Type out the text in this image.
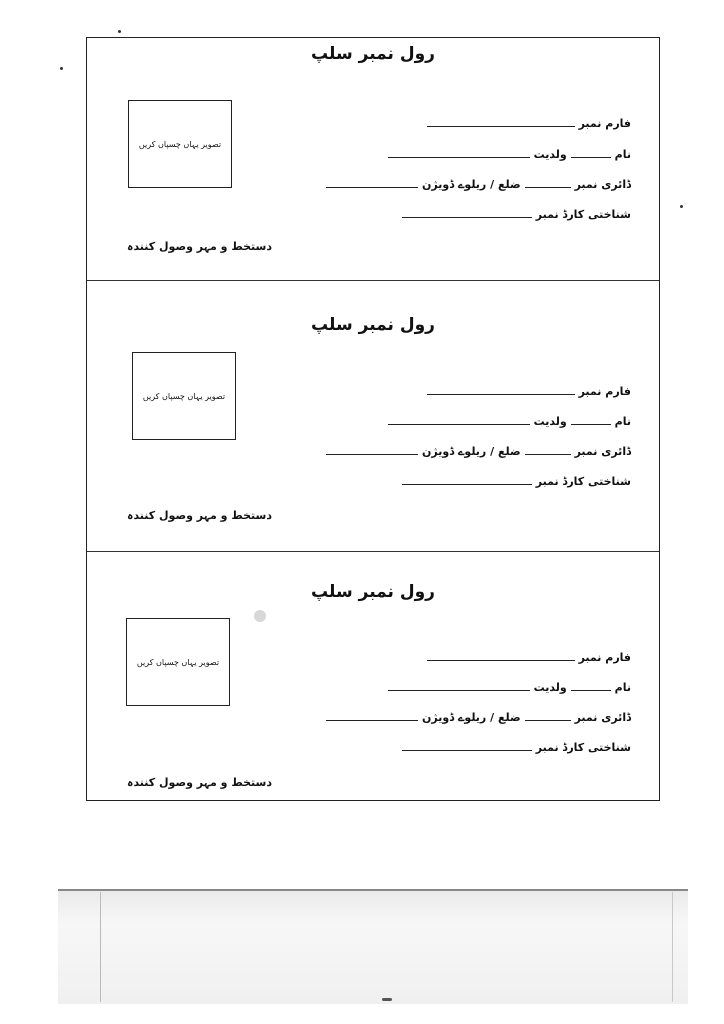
رول نمبر سلپ
تصویر یہاں چسپاں کریں
فارم نمبر
نام
ولدیت
ڈائری نمبر
ضلع / ریلوے ڈویژن
شناختی کارڈ نمبر
دستخط و مہر وصول کنندہ
رول نمبر سلپ
تصویر یہاں چسپاں کریں	فارم نمبر
نام
ولدیت
ڈائری نمبر
ضلع / ریلوے ڈویژن
شناختی کارڈ نمبر
دستخط و مہر وصول کنندہ
رول نمبر سلپ
تصویر یہاں چسپاں کریں	فارم نمبر
نام
ولدیت
ڈائری نمبر
ضلع / ریلوے ڈویژن
شناختی کارڈ نمبر
دستخط و مہر وصول کنندہ
